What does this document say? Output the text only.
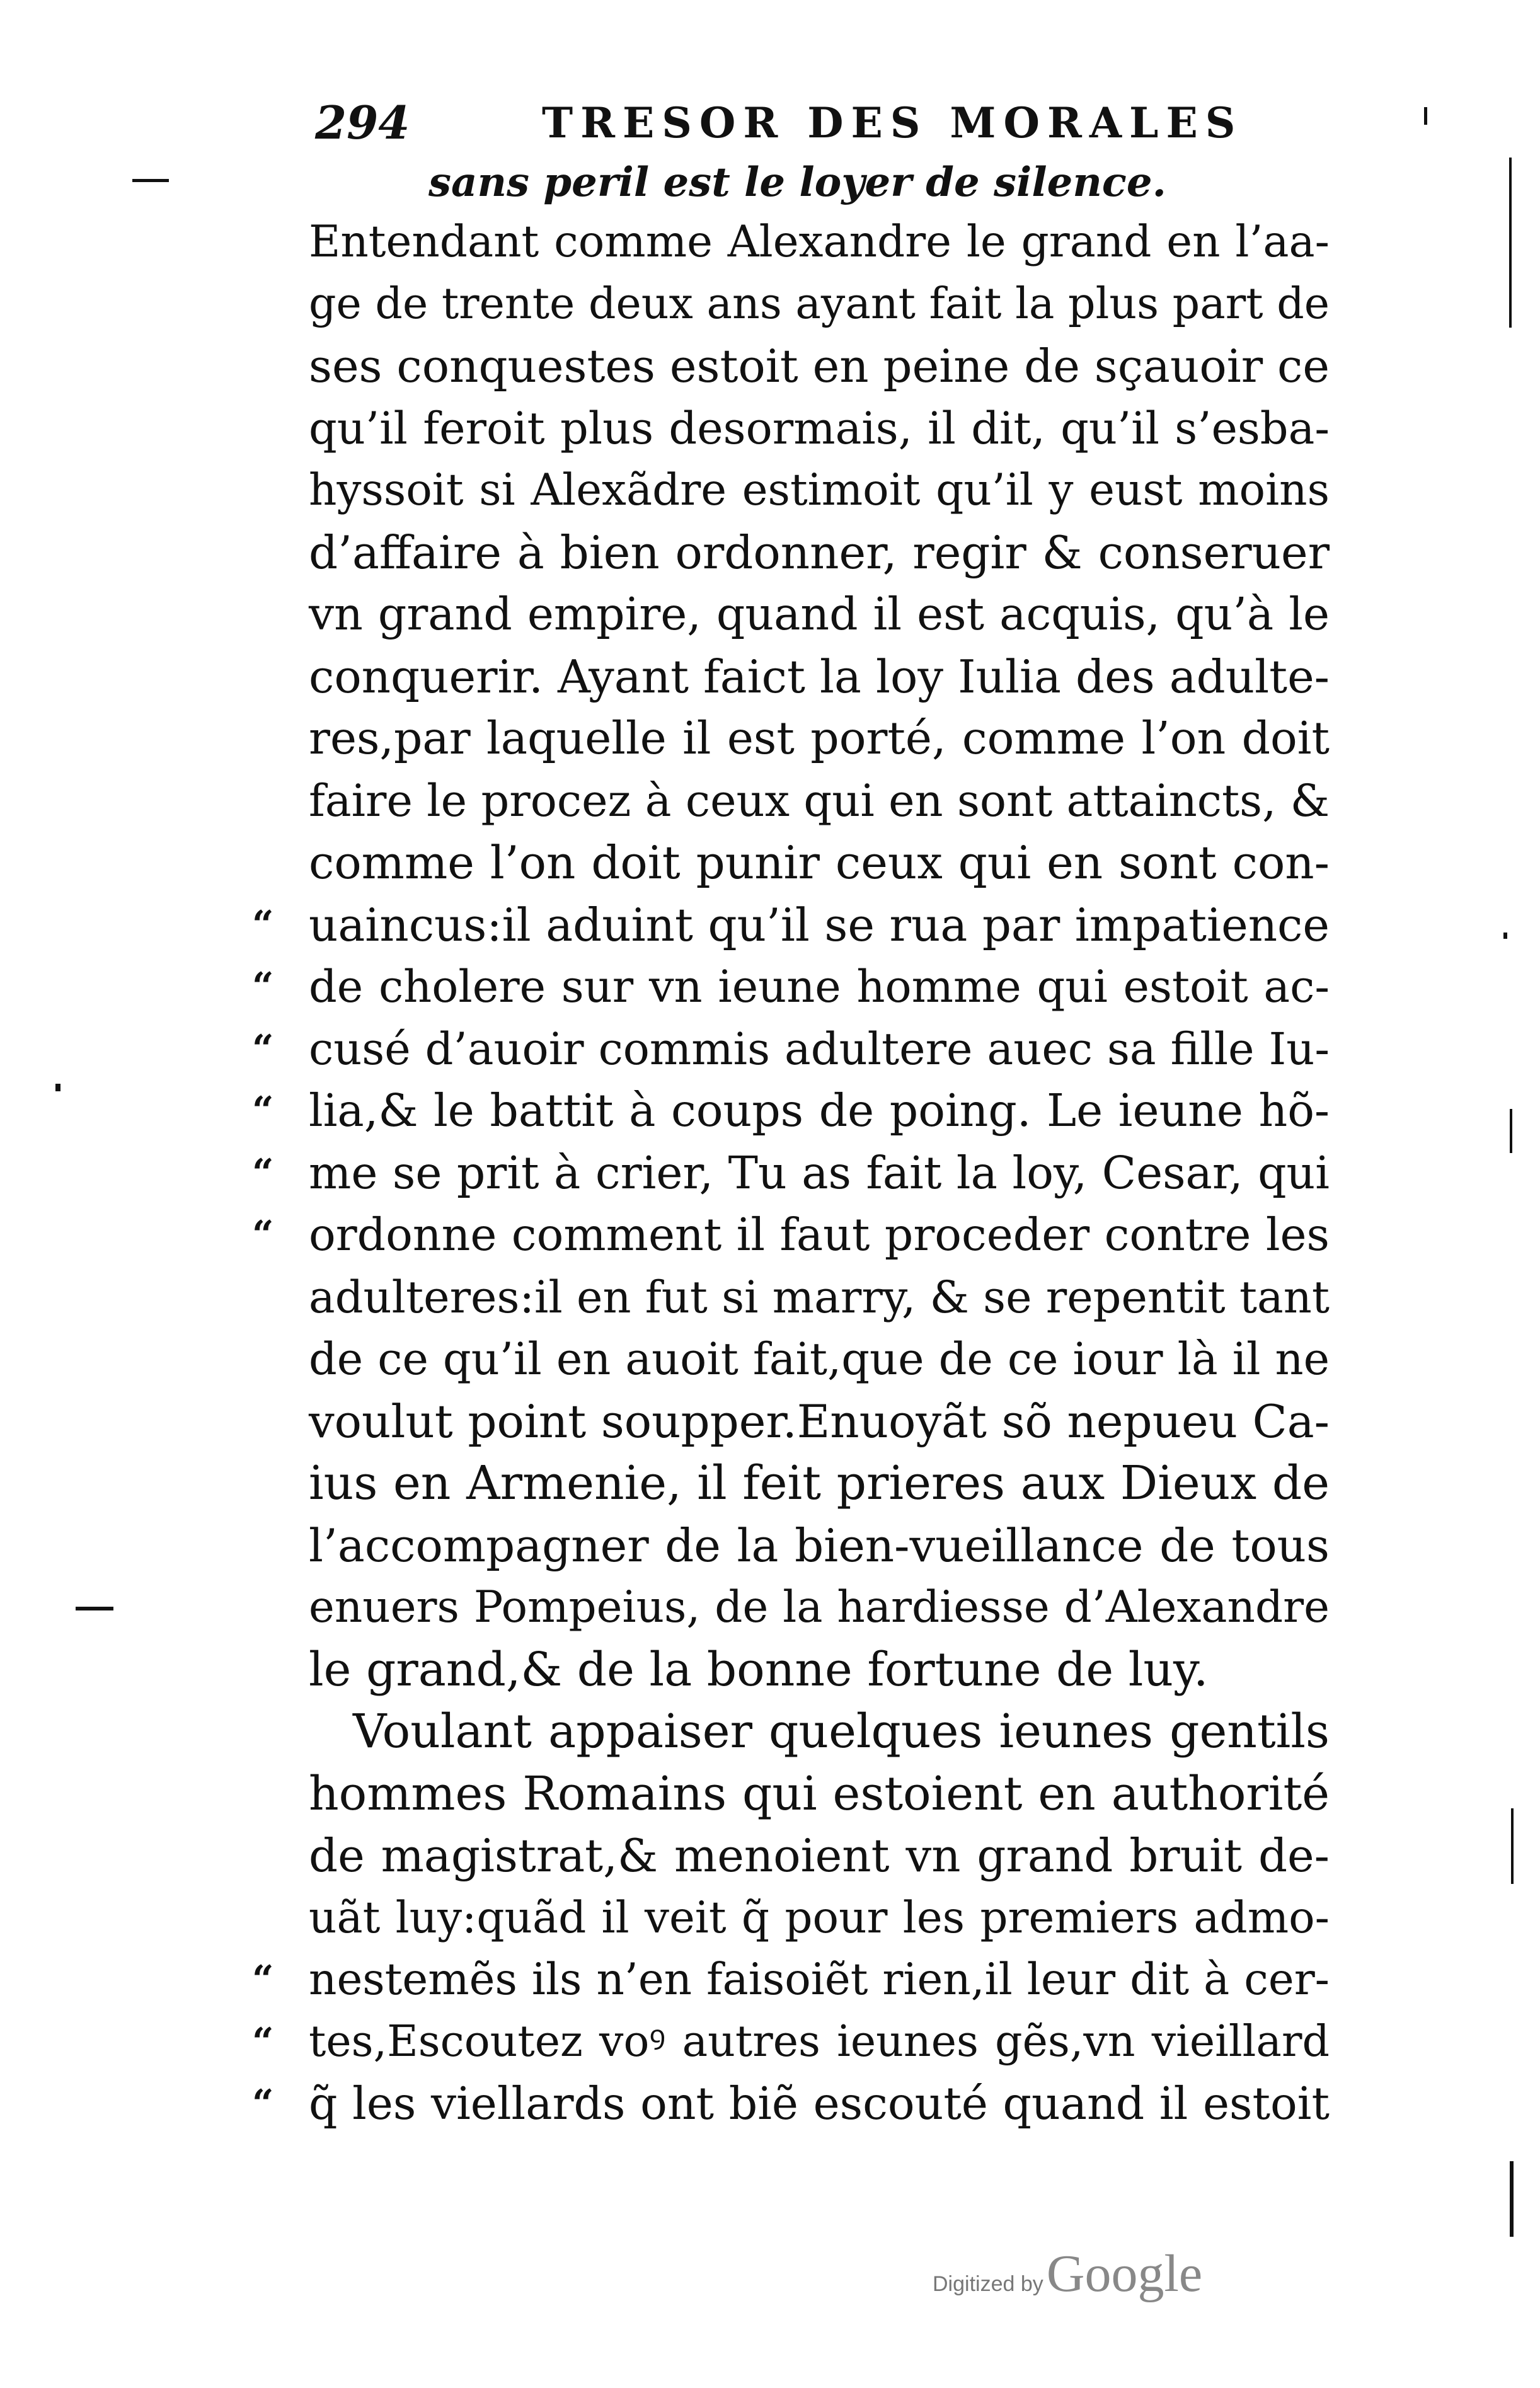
294	TRESOR DES MORALES
sans peril est le loyer de silence.
Entendant comme Alexandre le grand en l’aa-
ge de trente deux ans ayant fait la plus part de
ses conquestes estoit en peine de sçauoir ce
qu’il feroit plus desormais, il dit, qu’il s’esba-
hyssoit si Alexãdre estimoit qu’il y eust moins
d’affaire à bien ordonner, regir & conseruer
vn grand empire, quand il est acquis, qu’à le
conquerir. Ayant faict la loy Iulia des adulte-
res,par laquelle il est porté, comme l’on doit
faire le procez à ceux qui en sont attaincts, &
comme l’on doit punir ceux qui en sont con-
“ uaincus:il aduint qu’il se rua par impatience
“ de cholere sur vn ieune homme qui estoit ac-
“ cusé d’auoir commis adultere auec sa fille Iu-
“ lia,& le battit à coups de poing. Le ieune hõ-
“ me se prit à crier, Tu as fait la loy, Cesar, qui
“ ordonne comment il faut proceder contre les
adulteres:il en fut si marry, & se repentit tant
de ce qu’il en auoit fait,que de ce iour là il ne
voulut point soupper.Enuoyãt sõ nepueu Ca-
ius en Armenie, il feit prieres aux Dieux de
l’accompagner de la bien-vueillance de tous
enuers Pompeius, de la hardiesse d’Alexandre
le grand,& de la bonne fortune de luy.
Voulant appaiser quelques ieunes gentils
hommes Romains qui estoient en authorité
de magistrat,& menoient vn grand bruit de-
uãt luy:quãd il veit q̃ pour les premiers admo-
“ nestemẽs ils n’en faisoiẽt rien,il leur dit à cer-
“ tes,Escoutez voꝰ autres ieunes gẽs,vn vieillard
“ q̃ les viellards ont biẽ escouté quand il estoit
Digitized by Google
